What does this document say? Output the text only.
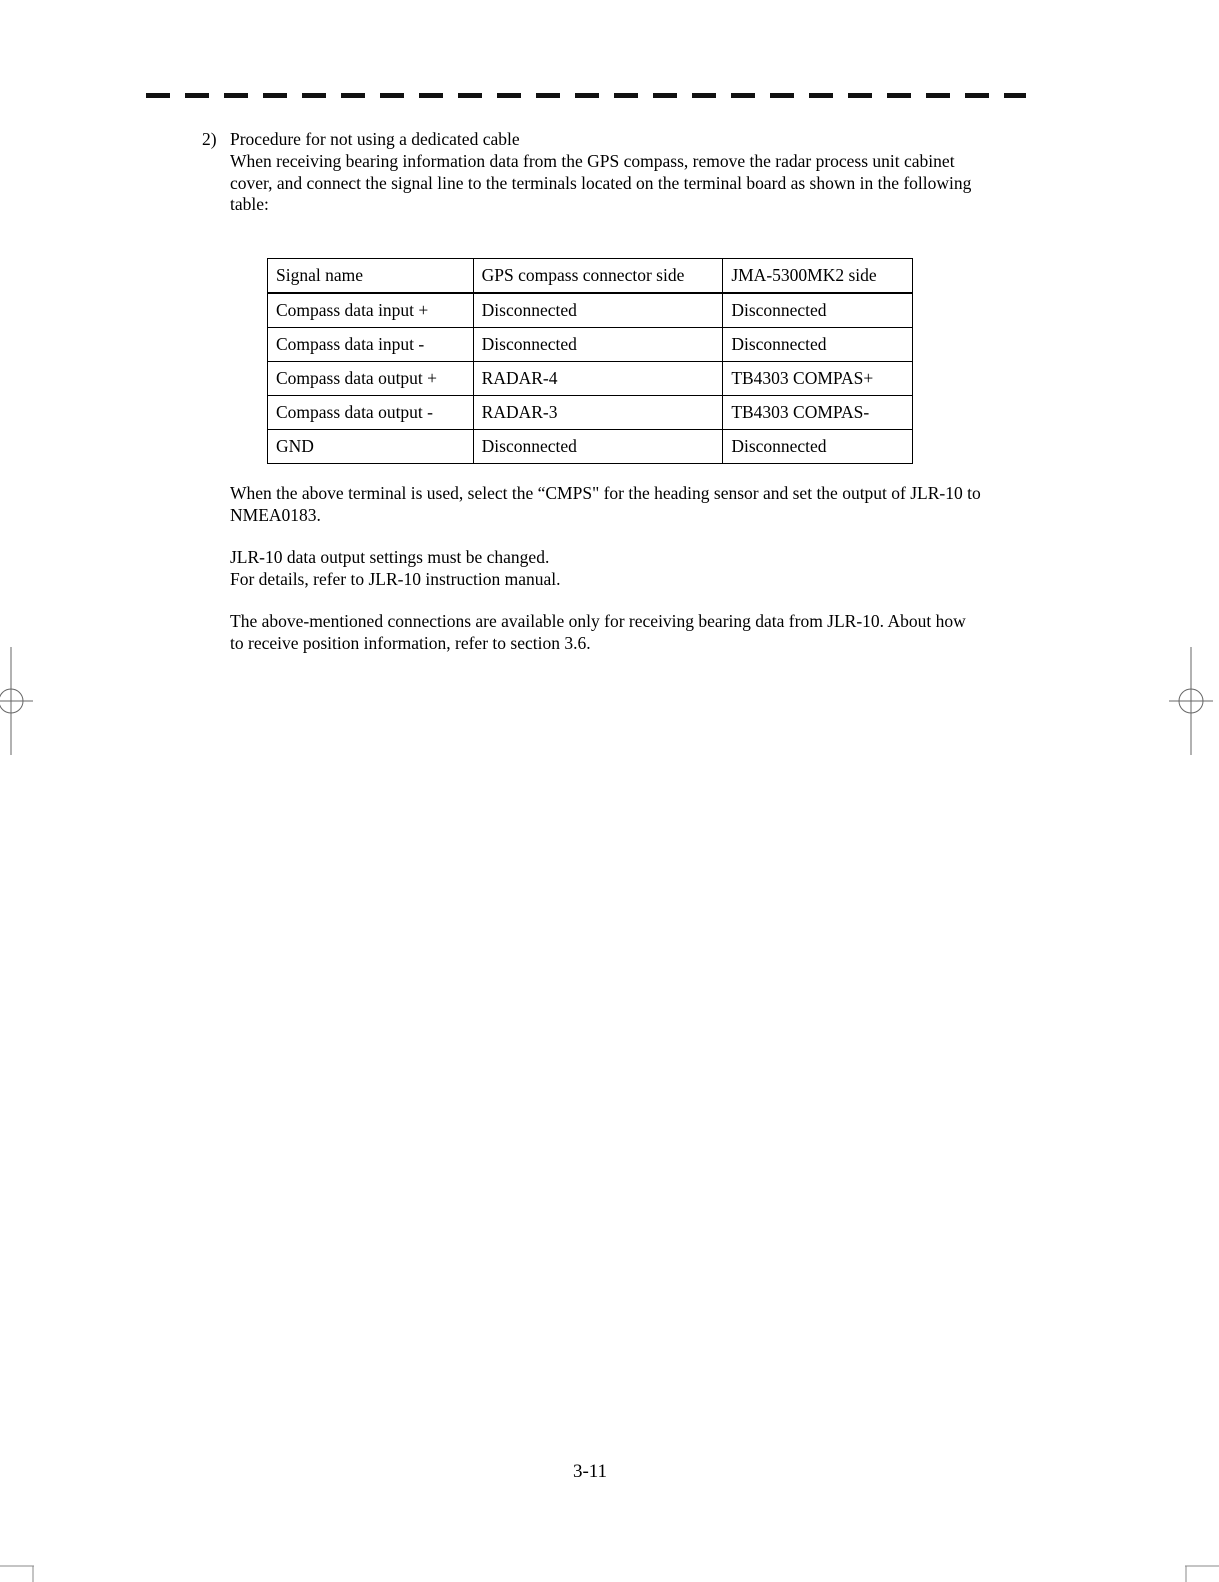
2) Procedure for not using a dedicated cable
When receiving bearing information data from the GPS compass, remove the radar process unit cabinet
cover, and connect the signal line to the terminals located on the terminal board as shown in the following
table:
Signal name	GPS compass connector side	JMA-5300MK2 side
Compass data input +	Disconnected	Disconnected
Compass data input -	Disconnected	Disconnected
Compass data output +	RADAR-4	TB4303 COMPAS+
Compass data output -	RADAR-3	TB4303 COMPAS-
GND	Disconnected	Disconnected
When the above terminal is used, select the “CMPS" for the heading sensor and set the output of JLR-10 to
NMEA0183.
JLR-10 data output settings must be changed.
For details, refer to JLR-10 instruction manual.
The above-mentioned connections are available only for receiving bearing data from JLR-10. About how
to receive position information, refer to section 3.6.
3-11
